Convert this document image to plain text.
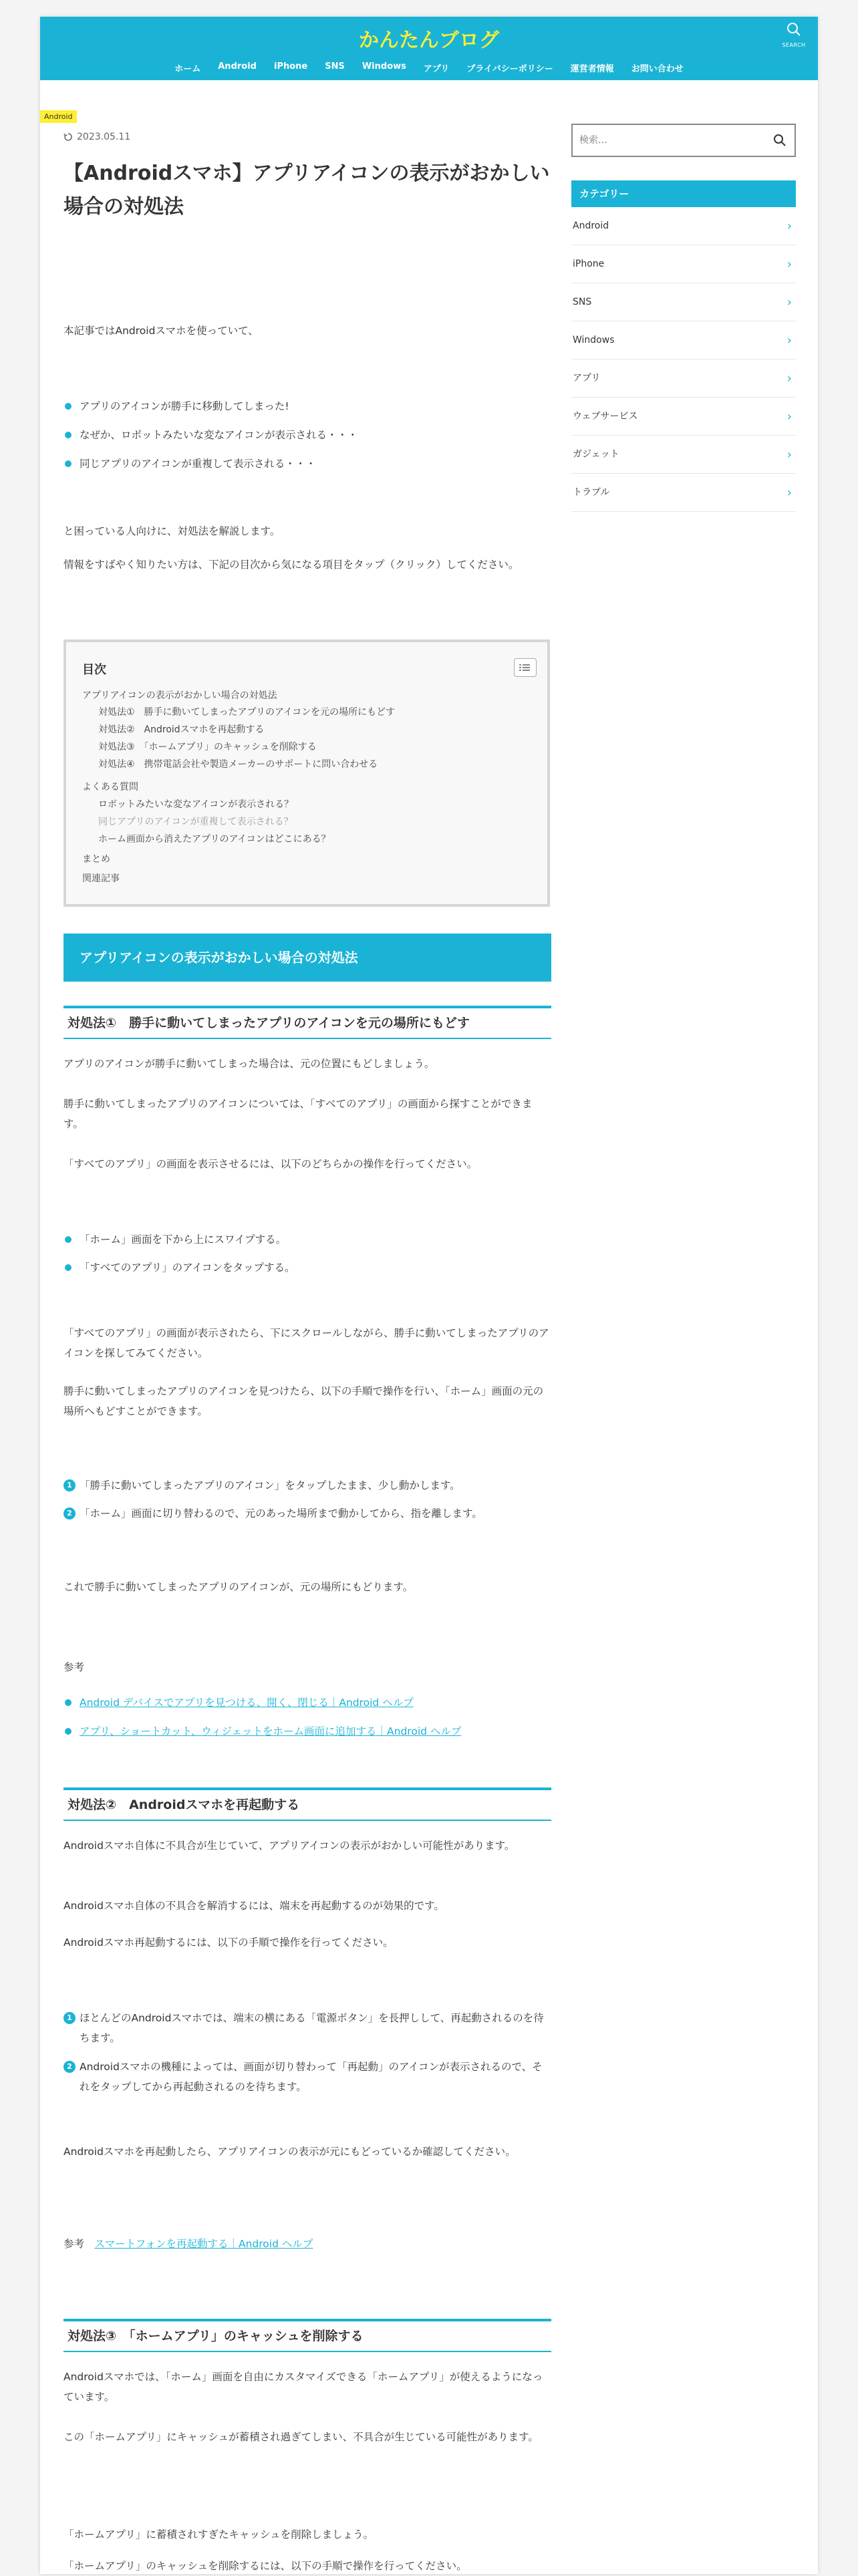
かんたんブログ	SEARCH
ホーム Android iPhone SNS Windows アプリ プライバシーポリシー 運営者情報 お問い合わせ
Android
2023.05.11
【Androidスマホ】アプリアイコンの表示がおかしい場合の対処法

本記事ではAndroidスマホを使っていて、

アプリのアイコンが勝手に移動してしまった!
なぜか、ロボットみたいな変なアイコンが表示される・・・
同じアプリのアイコンが重複して表示される・・・

と困っている人向けに、対処法を解説します。

情報をすばやく知りたい方は、下記の目次から気になる項目をタップ（クリック）してください。

目次
アプリアイコンの表示がおかしい場合の対処法
対処法①　勝手に動いてしまったアプリのアイコンを元の場所にもどす
対処法②　Androidスマホを再起動する
対処法③　「ホームアプリ」のキャッシュを削除する
対処法④　携帯電話会社や製造メーカーのサポートに問い合わせる
よくある質問
ロボットみたいな変なアイコンが表示される？
同じアプリのアイコンが重複して表示される？
ホーム画面から消えたアプリのアイコンはどこにある？
まとめ
関連記事
アプリアイコンの表示がおかしい場合の対処法
対処法①　勝手に動いてしまったアプリのアイコンを元の場所にもどす

アプリのアイコンが勝手に動いてしまった場合は、元の位置にもどしましょう。

勝手に動いてしまったアプリのアイコンについては、「すべてのアプリ」の画面から探すことができます。

「すべてのアプリ」の画面を表示させるには、以下のどちらかの操作を行ってください。

「ホーム」画面を下から上にスワイプする。
「すべてのアプリ」のアイコンをタップする。

「すべてのアプリ」の画面が表示されたら、下にスクロールしながら、勝手に動いてしまったアプリのアイコンを探してみてください。

勝手に動いてしまったアプリのアイコンを見つけたら、以下の手順で操作を行い、「ホーム」画面の元の場所へもどすことができます。

1 「勝手に動いてしまったアプリのアイコン」をタップしたまま、少し動かします。
2 「ホーム」画面に切り替わるので、元のあった場所まで動かしてから、指を離します。

これで勝手に動いてしまったアプリのアイコンが、元の場所にもどります。

参考

Android デバイスでアプリを見つける、開く、閉じる｜Android ヘルプ
アプリ、ショートカット、ウィジェットをホーム画面に追加する｜Android ヘルプ
対処法②　Androidスマホを再起動する

Androidスマホ自体に不具合が生じていて、アプリアイコンの表示がおかしい可能性があります。

Androidスマホ自体の不具合を解消するには、端末を再起動するのが効果的です。

Androidスマホ再起動するには、以下の手順で操作を行ってください。

1 ほとんどのAndroidスマホでは、端末の横にある「電源ボタン」を長押しして、再起動されるのを待ちます。
2 Androidスマホの機種によっては、画面が切り替わって「再起動」のアイコンが表示されるので、それをタップしてから再起動されるのを待ちます。

Androidスマホを再起動したら、アプリアイコンの表示が元にもどっているか確認してください。

参考　 スマートフォンを再起動する｜Android ヘルプ

対処法③　「ホームアプリ」のキャッシュを削除する

Androidスマホでは、「ホーム」画面を自由にカスタマイズできる「ホームアプリ」が使えるようになっています。

この「ホームアプリ」にキャッシュが蓄積され過ぎてしまい、不具合が生じている可能性があります。

「ホームアプリ」に蓄積されすぎたキャッシュを削除しましょう。

「ホームアプリ」のキャッシュを削除するには、以下の手順で操作を行ってください。

検索…
カテゴリー
Android	›
iPhone	›
SNS	›
Windows	›
アプリ	›
ウェブサービス	›
ガジェット	›
トラブル	›
